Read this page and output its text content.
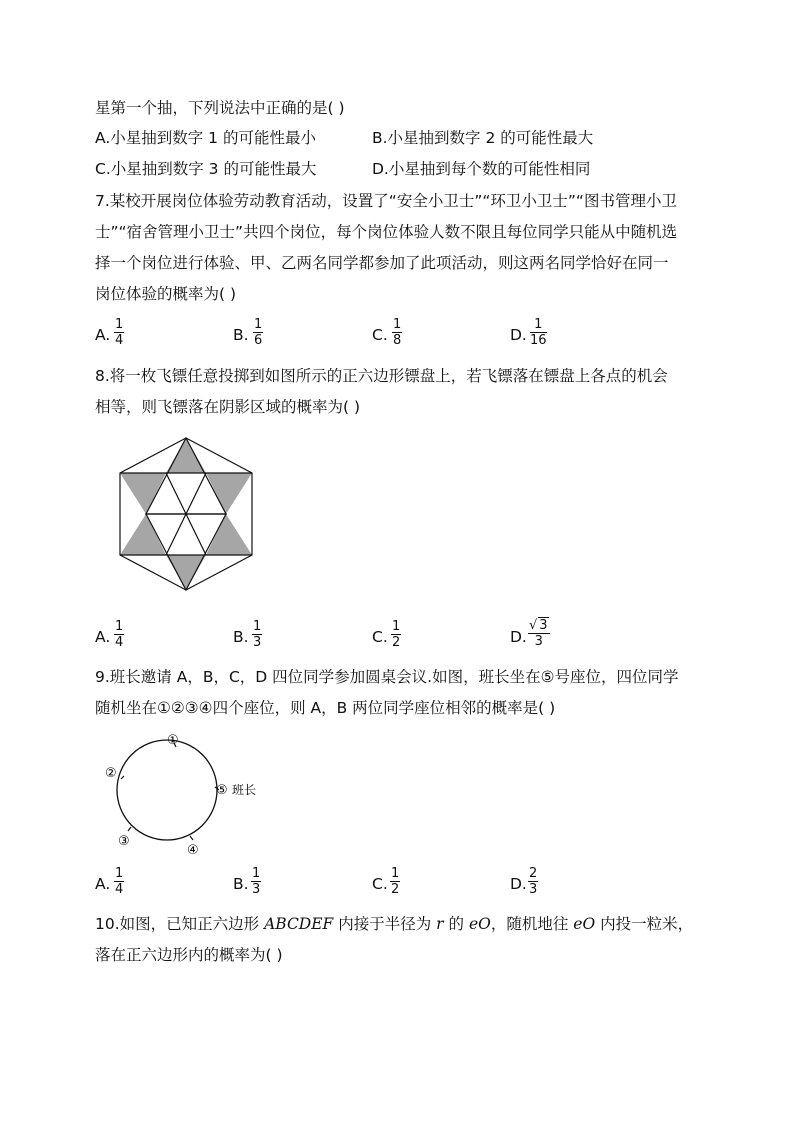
星第一个抽，下列说法中正确的是( )
A.小星抽到数字 1 的可能性最小	B.小星抽到数字 2 的可能性最大
C.小星抽到数字 3 的可能性最大	D.小星抽到每个数的可能性相同
7.某校开展岗位体验劳动教育活动，设置了“安全小卫士”“环卫小卫士”“图书管理小卫
士”“宿舍管理小卫士”共四个岗位，每个岗位体验人数不限且每位同学只能从中随机选
择一个岗位进行体验、甲、乙两名同学都参加了此项活动，则这两名同学恰好在同一
岗位体验的概率为( )
A. $\frac{1}{4}$	B. $\frac{1}{6}$	C. $\frac{1}{8}$	D. $\frac{1}{16}$
8.将一枚飞镖任意投掷到如图所示的正六边形镖盘上，若飞镖落在镖盘上各点的机会
相等，则飞镖落在阴影区域的概率为( )
A. $\frac{1}{4}$	B. $\frac{1}{3}$	C. $\frac{1}{2}$	D. $\frac{√ 3}{3}$
9.班长邀请 A，B，C，D 四位同学参加圆桌会议.如图，班长坐在⑤号座位，四位同学
随机坐在①②③④四个座位，则 A，B 两位同学座位相邻的概率是( )
①
②
⑤ 班长
③
④
A. $\frac{1}{4}$	B. $\frac{1}{3}$	C. $\frac{1}{2}$	D. $\frac{2}{3}$
10.如图，已知正六边形 ABCDEF 内接于半径为 r 的 eO，随机地往 eO 内投一粒米，
落在正六边形内的概率为( )
